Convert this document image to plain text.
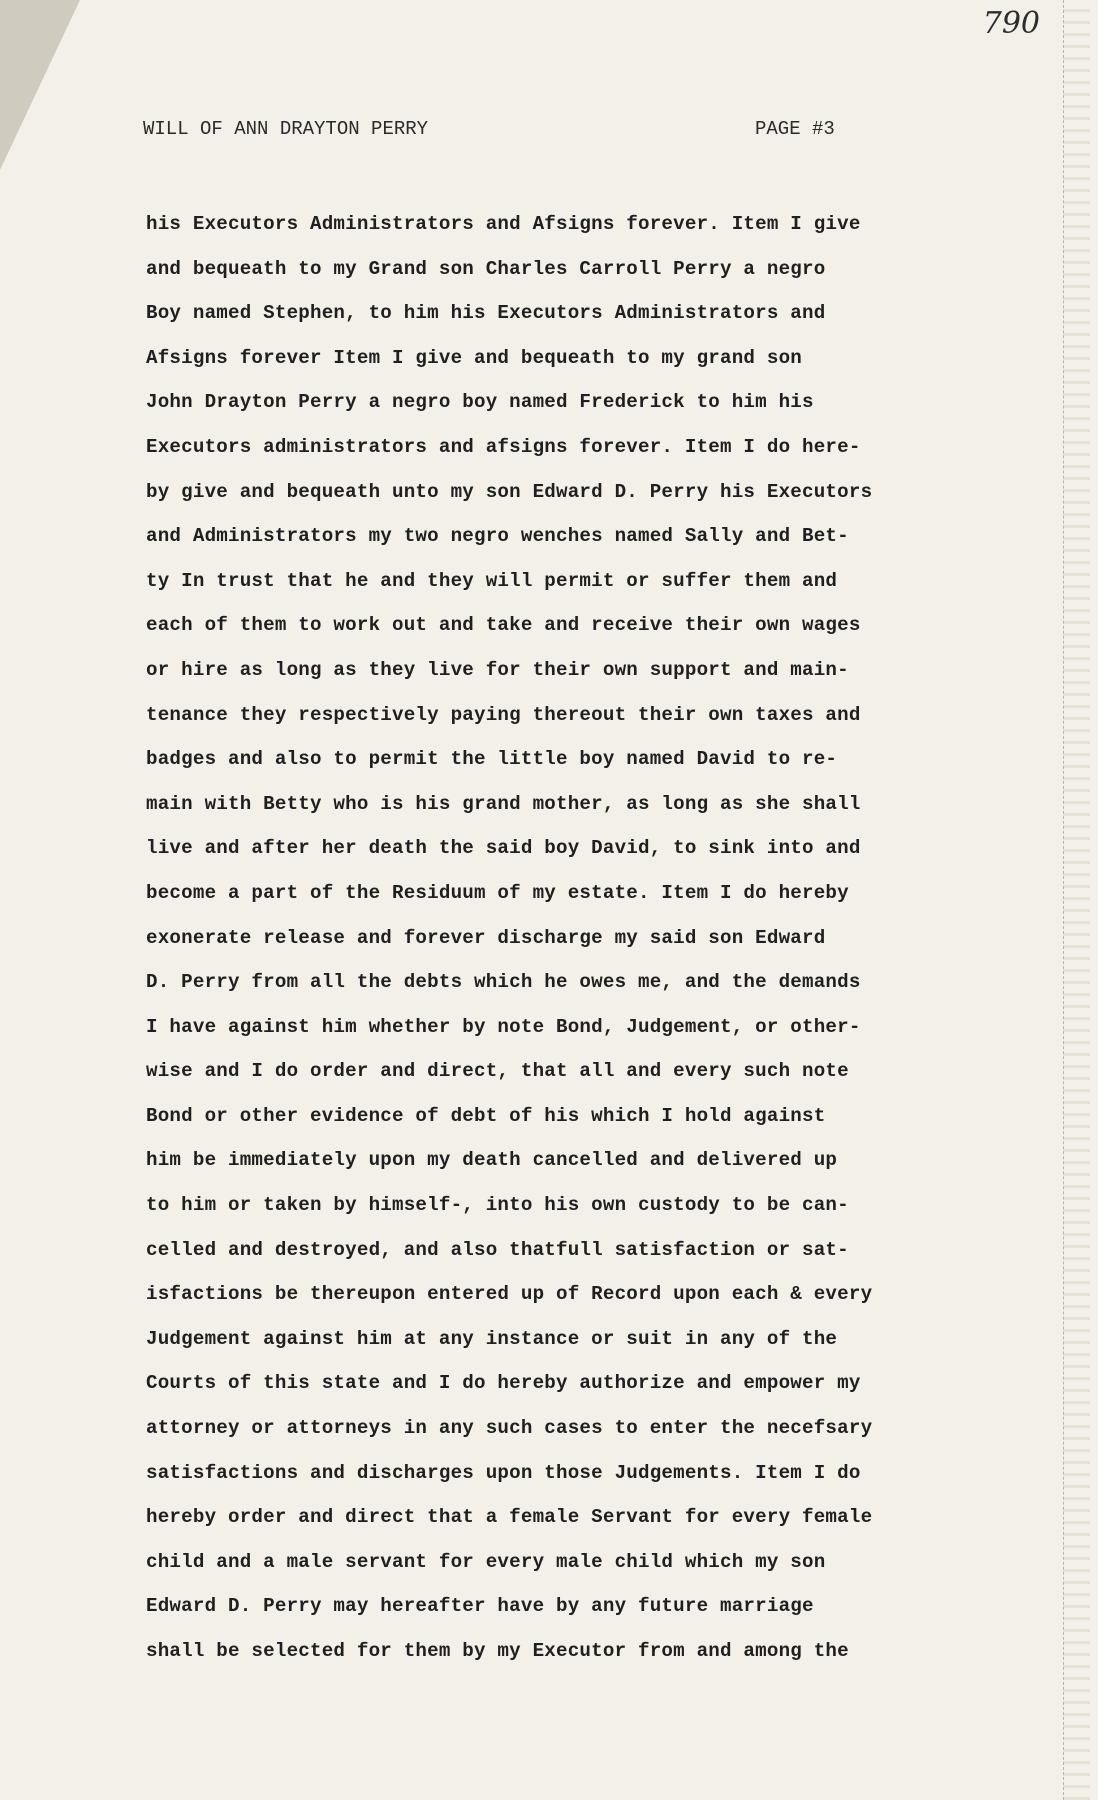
790
WILL OF ANN DRAYTON PERRY	PAGE #3
his Executors Administrators and Afsigns forever. Item I give
and bequeath to my Grand son Charles Carroll Perry a negro
Boy named Stephen, to him his Executors Administrators and
Afsigns forever Item I give and bequeath to my grand son
John Drayton Perry a negro boy named Frederick to him his
Executors administrators and afsigns forever. Item I do here-
by give and bequeath unto my son Edward D. Perry his Executors
and Administrators my two negro wenches named Sally and Bet-
ty In trust that he and they will permit or suffer them and
each of them to work out and take and receive their own wages
or hire as long as they live for their own support and main-
tenance they respectively paying thereout their own taxes and
badges and also to permit the little boy named David to re-
main with Betty who is his grand mother, as long as she shall
live and after her death the said boy David, to sink into and
become a part of the Residuum of my estate. Item I do hereby
exonerate release and forever discharge my said son Edward
D. Perry from all the debts which he owes me, and the demands
I have against him whether by note Bond, Judgement, or other-
wise and I do order and direct, that all and every such note
Bond or other evidence of debt of his which I hold against
him be immediately upon my death cancelled and delivered up
to him or taken by himself-, into his own custody to be can-
celled and destroyed, and also thatfull satisfaction or sat-
isfactions be thereupon entered up of Record upon each & every
Judgement against him at any instance or suit in any of the
Courts of this state and I do hereby authorize and empower my
attorney or attorneys in any such cases to enter the necefsary
satisfactions and discharges upon those Judgements. Item I do
hereby order and direct that a female Servant for every female
child and a male servant for every male child which my son
Edward D. Perry may hereafter have by any future marriage
shall be selected for them by my Executor from and among the
